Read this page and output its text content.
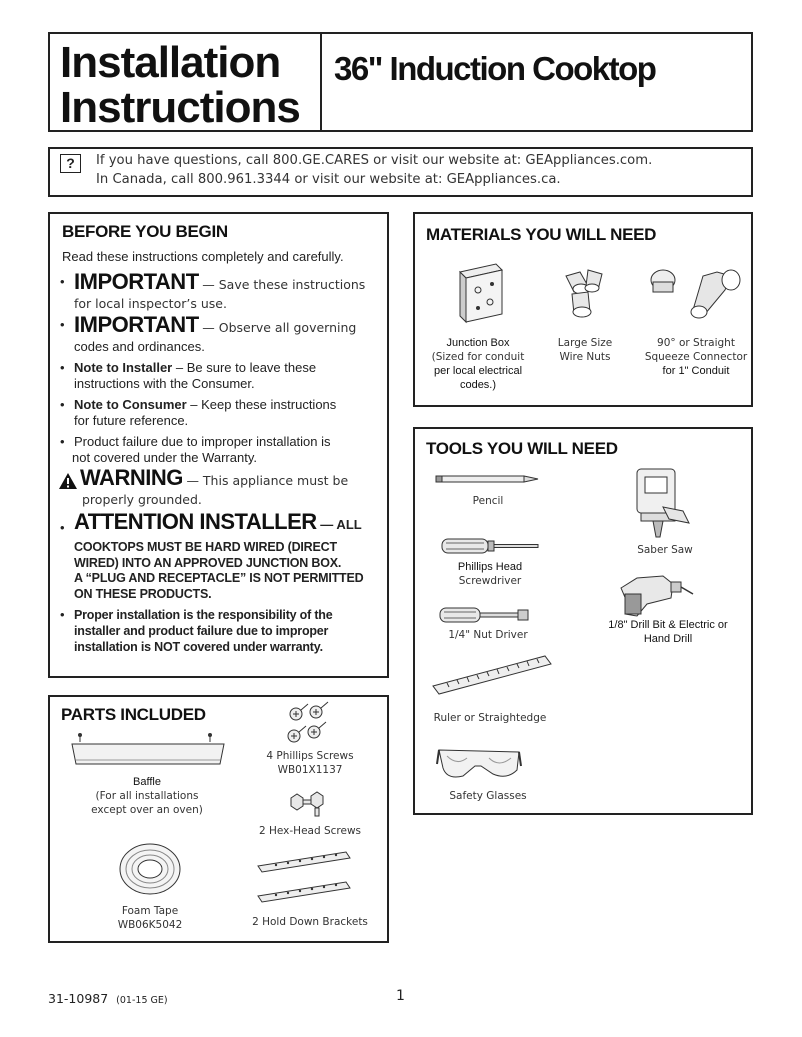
Installation
Instructions
36" Induction Cooktop
?	If you have questions, call 800.GE.CARES or visit our website at: GEAppliances.com.
In Canada, call 800.961.3344 or visit our website at: GEAppliances.ca.
BEFORE YOU BEGIN
Read these instructions completely and carefully.
• IMPORTANT — Save these instructions
for local inspector’s use.
• IMPORTANT — Observe all governing
codes and ordinances.
• Note to Installer – Be sure to leave these
instructions with the Consumer.
• Note to Consumer – Keep these instructions
for future reference.
• Product failure due to improper installation is
not covered under the Warranty.
WARNING — This appliance must be
properly grounded.
• ATTENTION INSTALLER — ALL
COOKTOPS MUST BE HARD WIRED (DIRECT
WIRED) INTO AN APPROVED JUNCTION BOX.
A “PLUG AND RECEPTACLE” IS NOT PERMITTED
ON THESE PRODUCTS.
• Proper installation is the responsibility of the
installer and product failure due to improper
installation is NOT covered under warranty.
MATERIALS YOU WILL NEED
Junction Box
(Sized for conduit
per local electrical
codes.)
Large Size
Wire Nuts
90° or Straight
Squeeze Connector
for 1" Conduit
TOOLS YOU WILL NEED
Pencil
Phillips Head
Screwdriver
1/4" Nut Driver
Ruler or Straightedge
Safety Glasses
Saber Saw
1/8" Drill Bit & Electric or
Hand Drill
PARTS INCLUDED
Baffle
(For all installations
except over an oven)
4 Phillips Screws
WB01X1137
2 Hex-Head Screws
Foam Tape
WB06K5042	2 Hold Down Brackets
31-10987 (01-15 GE)	1
